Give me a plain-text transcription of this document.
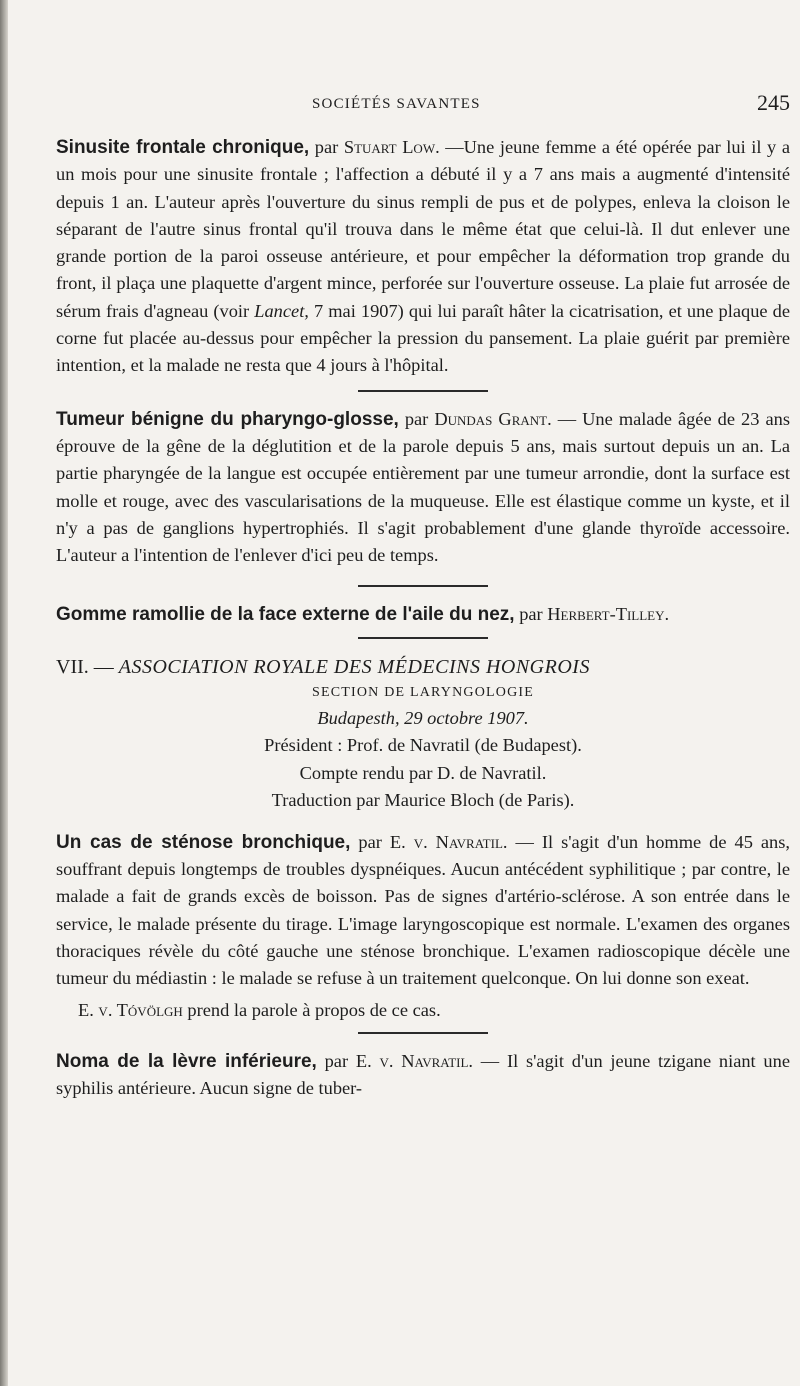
SOCIÉTÉS SAVANTES	245

Sinusite frontale chronique, par Stuart Low. —Une jeune femme a été opérée par lui il y a un mois pour une sinusite frontale ; l'affection a débuté il y a 7 ans mais a augmenté d'intensité depuis 1 an. L'auteur après l'ouverture du sinus rempli de pus et de polypes, enleva la cloison le séparant de l'autre sinus frontal qu'il trouva dans le même état que celui-là. Il dut enlever une grande portion de la paroi osseuse antérieure, et pour empêcher la déformation trop grande du front, il plaça une plaquette d'argent mince, perforée sur l'ouverture osseuse. La plaie fut arrosée de sérum frais d'agneau (voir Lancet, 7 mai 1907) qui lui paraît hâter la cicatrisation, et une plaque de corne fut placée au-dessus pour empêcher la pression du pansement. La plaie guérit par première intention, et la malade ne resta que 4 jours à l'hôpital.

Tumeur bénigne du pharyngo-glosse, par Dundas Grant. — Une malade âgée de 23 ans éprouve de la gêne de la déglutition et de la parole depuis 5 ans, mais surtout depuis un an. La partie pharyngée de la langue est occupée entièrement par une tumeur arrondie, dont la surface est molle et rouge, avec des vascularisations de la muqueuse. Elle est élastique comme un kyste, et il n'y a pas de ganglions hypertrophiés. Il s'agit probablement d'une glande thyroïde accessoire. L'auteur a l'intention de l'enlever d'ici peu de temps.

Gomme ramollie de la face externe de l'aile du nez, par Herbert-Tilley.

VII. — ASSOCIATION ROYALE DES MÉDECINS HONGROIS

SECTION DE LARYNGOLOGIE
Budapesth, 29 octobre 1907.
Président : Prof. de Navratil (de Budapest).
Compte rendu par D. de Navratil.
Traduction par Maurice Bloch (de Paris).

Un cas de sténose bronchique, par E. v. Navratil. — Il s'agit d'un homme de 45 ans, souffrant depuis longtemps de troubles dyspnéiques. Aucun antécédent syphilitique ; par contre, le malade a fait de grands excès de boisson. Pas de signes d'artério-sclérose. A son entrée dans le service, le malade présente du tirage. L'image laryngoscopique est normale. L'examen des organes thoraciques révèle du côté gauche une sténose bronchique. L'examen radioscopique décèle une tumeur du médiastin : le malade se refuse à un traitement quelconque. On lui donne son exeat.

E. v. Tóvölgh prend la parole à propos de ce cas.

Noma de la lèvre inférieure, par E. v. Navratil. — Il s'agit d'un jeune tzigane niant une syphilis antérieure. Aucun signe de tuber-
